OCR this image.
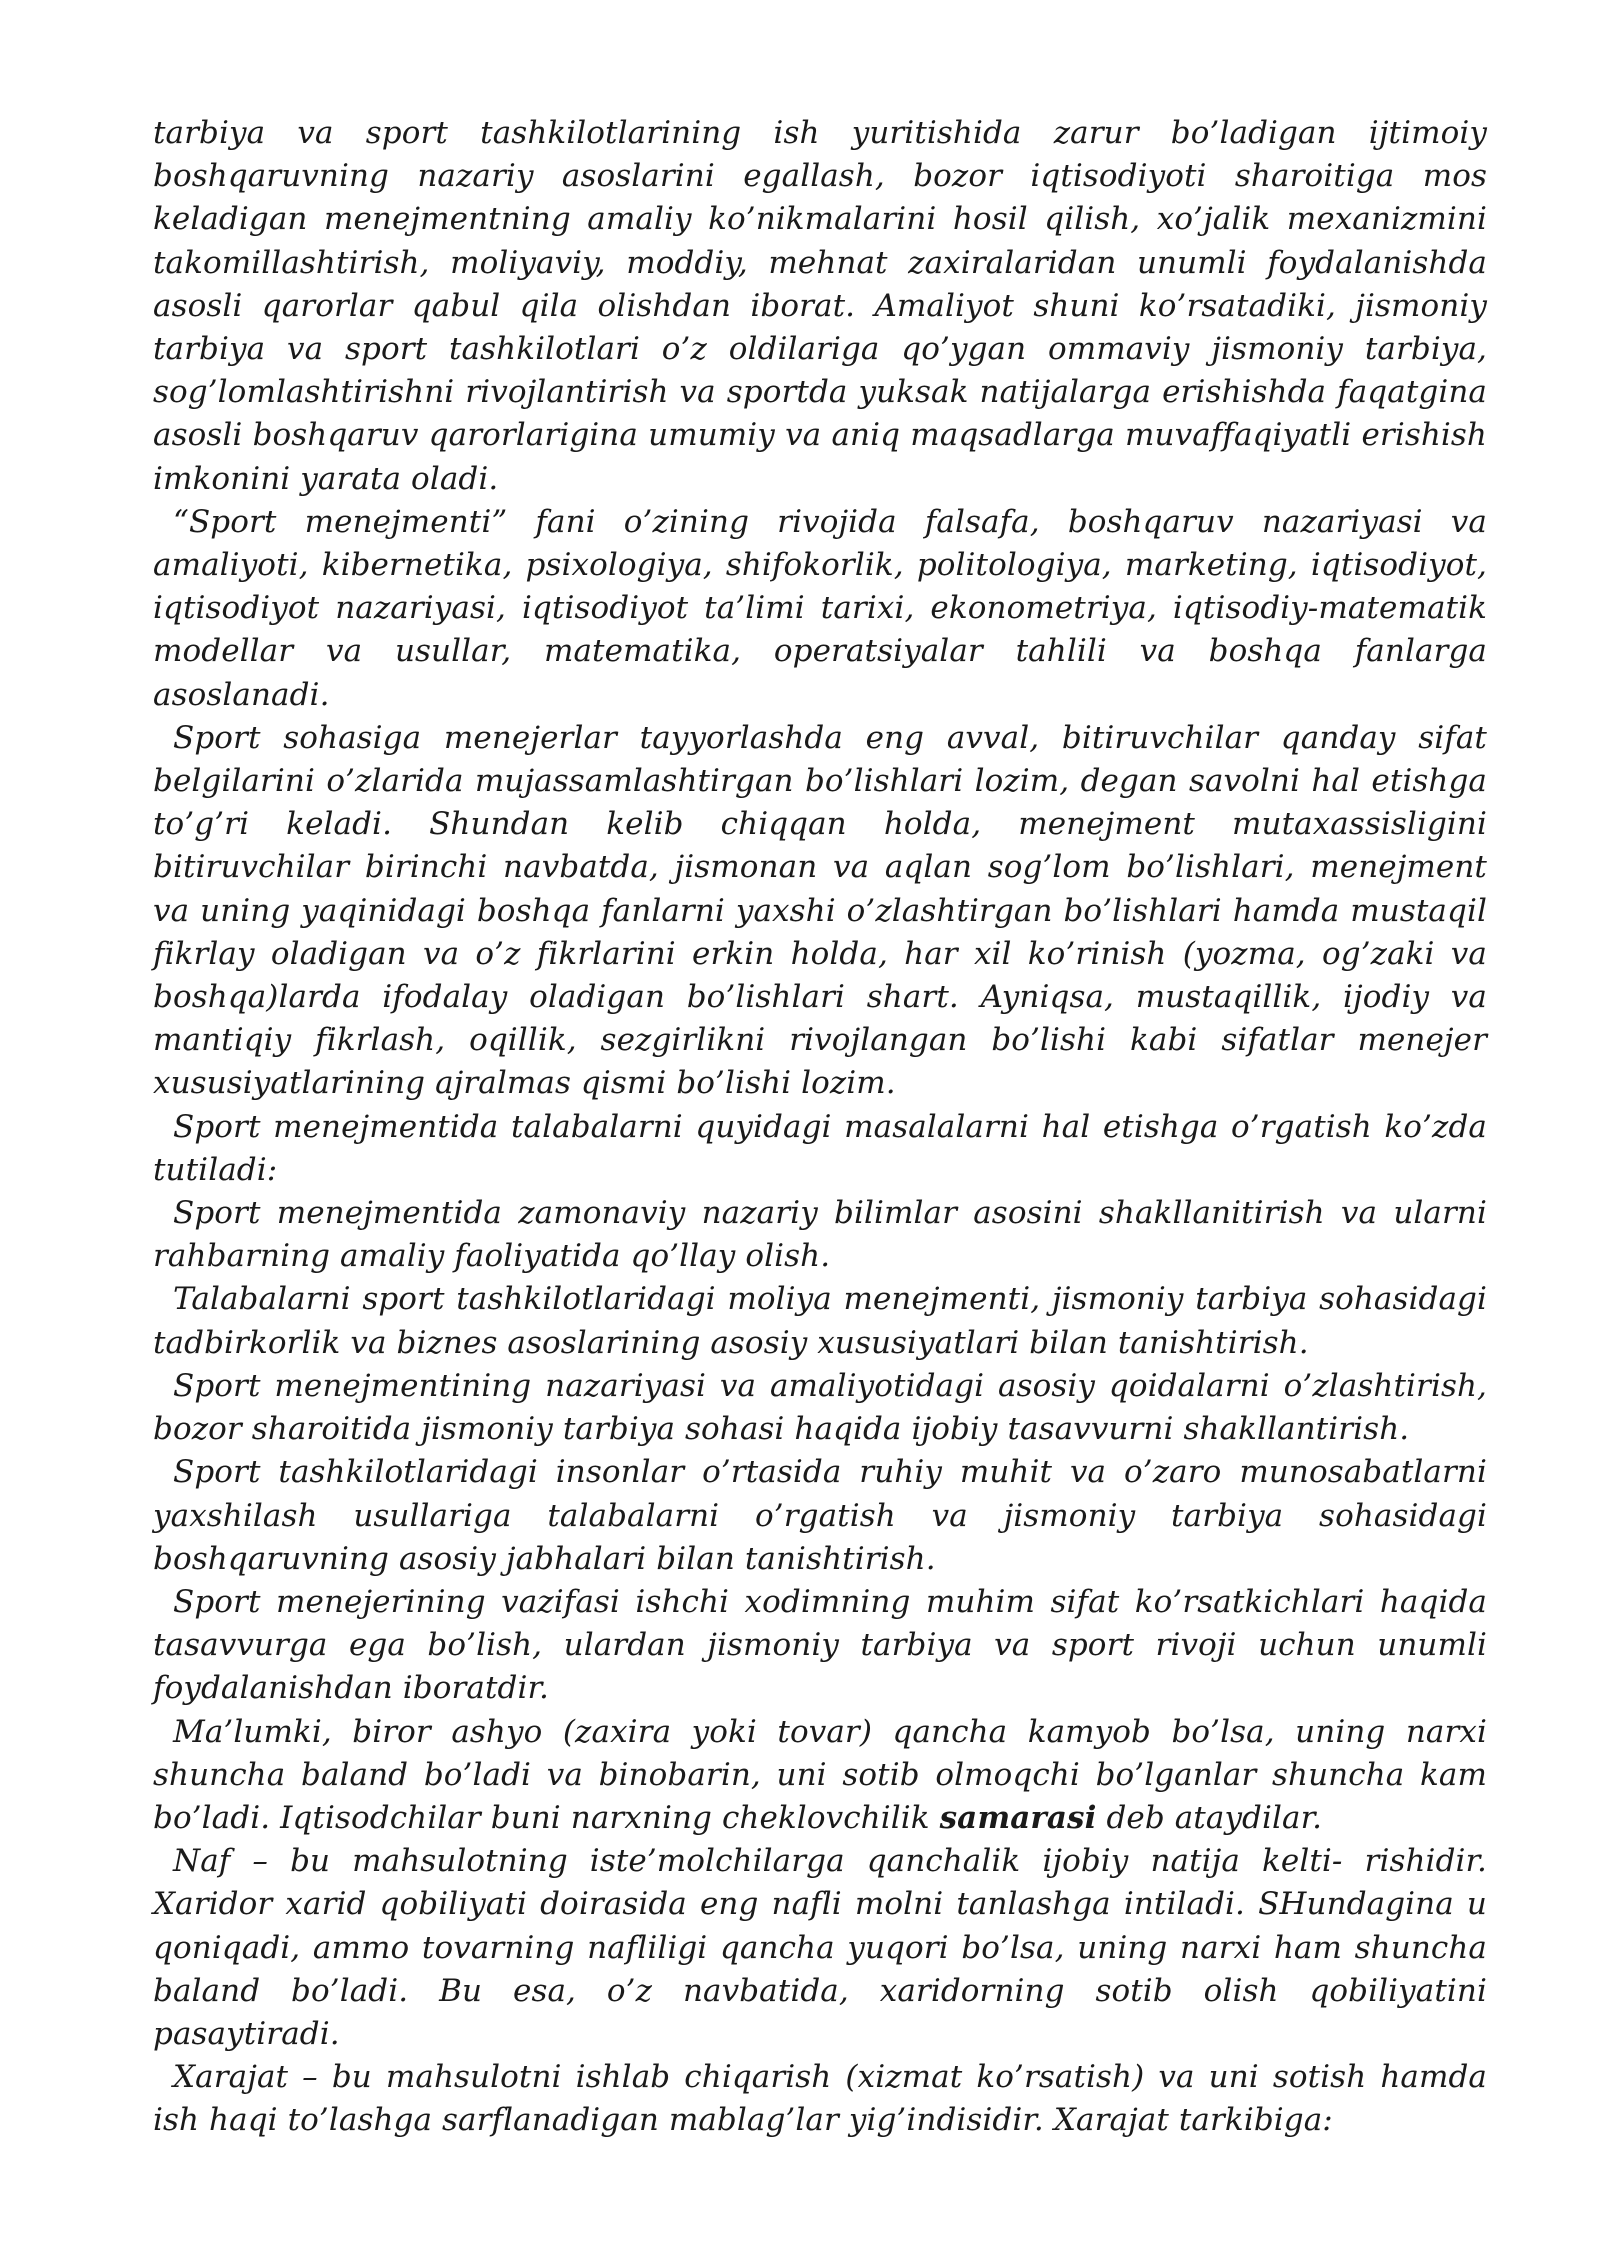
tarbiya va sport tashkilotlarining ish yuritishida zarur bo’ladigan ijtimoiy boshqaruvning nazariy asoslarini egallash, bozor iqtisodiyoti sharoitiga mos keladigan menejmentning amaliy ko’nikmalarini hosil qilish, xo’jalik mexanizmini takomillashtirish, moliyaviy, moddiy, mehnat zaxiralaridan unumli foydalanishda asosli qarorlar qabul qila olishdan iborat. Amaliyot shuni ko’rsatadiki, jismoniy tarbiya va sport tashkilotlari o’z oldilariga qo’ygan ommaviy jismoniy tarbiya, sog’lomlashtirishni rivojlantirish va sportda yuksak natijalarga erishishda faqatgina asosli boshqaruv qarorlarigina umumiy va aniq maqsadlarga muvaffaqiyatli erishish imkonini yarata oladi.

“Sport menejmenti” fani o’zining rivojida falsafa, boshqaruv nazariyasi va amaliyoti, kibernetika, psixologiya, shifokorlik, politologiya, marketing, iqtisodiyot, iqtisodiyot nazariyasi, iqtisodiyot ta’limi tarixi, ekonometriya, iqtisodiy-matematik modellar va usullar, matematika, operatsiyalar tahlili va boshqa fanlarga asoslanadi.

Sport sohasiga menejerlar tayyorlashda eng avval, bitiruvchilar qanday sifat belgilarini o’zlarida mujassamlashtirgan bo’lishlari lozim, degan savolni hal etishga to’g’ri keladi. Shundan kelib chiqqan holda, menejment mutaxassisligini bitiruvchilar birinchi navbatda, jismonan va aqlan sog’lom bo’lishlari, menejment va uning yaqinidagi boshqa fanlarni yaxshi o’zlashtirgan bo’lishlari hamda mustaqil fikrlay oladigan va o’z fikrlarini erkin holda, har xil ko’rinish (yozma, og’zaki va boshqa)larda ifodalay oladigan bo’lishlari shart. Ayniqsa, mustaqillik, ijodiy va mantiqiy fikrlash, oqillik, sezgirlikni rivojlangan bo’lishi kabi sifatlar menejer xususiyatlarining ajralmas qismi bo’lishi lozim.

Sport menejmentida talabalarni quyidagi masalalarni hal etishga o’rgatish ko’zda tutiladi:

Sport menejmentida zamonaviy nazariy bilimlar asosini shakllanitirish va ularni rahbarning amaliy faoliyatida qo’llay olish.

Talabalarni sport tashkilotlaridagi moliya menejmenti, jismoniy tarbiya sohasidagi tadbirkorlik va biznes asoslarining asosiy xususiyatlari bilan tanishtirish.

Sport menejmentining nazariyasi va amaliyotidagi asosiy qoidalarni o’zlashtirish, bozor sharoitida jismoniy tarbiya sohasi haqida ijobiy tasavvurni shakllantirish.

Sport tashkilotlaridagi insonlar o’rtasida ruhiy muhit va o’zaro munosabatlarni yaxshilash usullariga talabalarni o’rgatish va jismoniy tarbiya sohasidagi boshqaruvning asosiy jabhalari bilan tanishtirish.

Sport menejerining vazifasi ishchi xodimning muhim sifat ko’rsatkichlari haqida tasavvurga ega bo’lish, ulardan jismoniy tarbiya va sport rivoji uchun unumli foydalanishdan iboratdir.

Ma’lumki, biror ashyo (zaxira yoki tovar) qancha kamyob bo’lsa, uning narxi shuncha baland bo’ladi va binobarin, uni sotib olmoqchi bo’lganlar shuncha kam bo’ladi. Iqtisodchilar buni narxning cheklovchilik samarasi deb ataydilar.

Naf – bu mahsulotning iste’molchilarga qanchalik ijobiy natija kelti- rishidir. Xaridor xarid qobiliyati doirasida eng nafli molni tanlashga intiladi. SHundagina u qoniqadi, ammo tovarning nafliligi qancha yuqori bo’lsa, uning narxi ham shuncha baland bo’ladi. Bu esa, o’z navbatida, xaridorning sotib olish qobiliyatini pasaytiradi.

Xarajat – bu mahsulotni ishlab chiqarish (xizmat ko’rsatish) va uni sotish hamda ish haqi to’lashga sarflanadigan mablag’lar yig’indisidir. Xarajat tarkibiga:
